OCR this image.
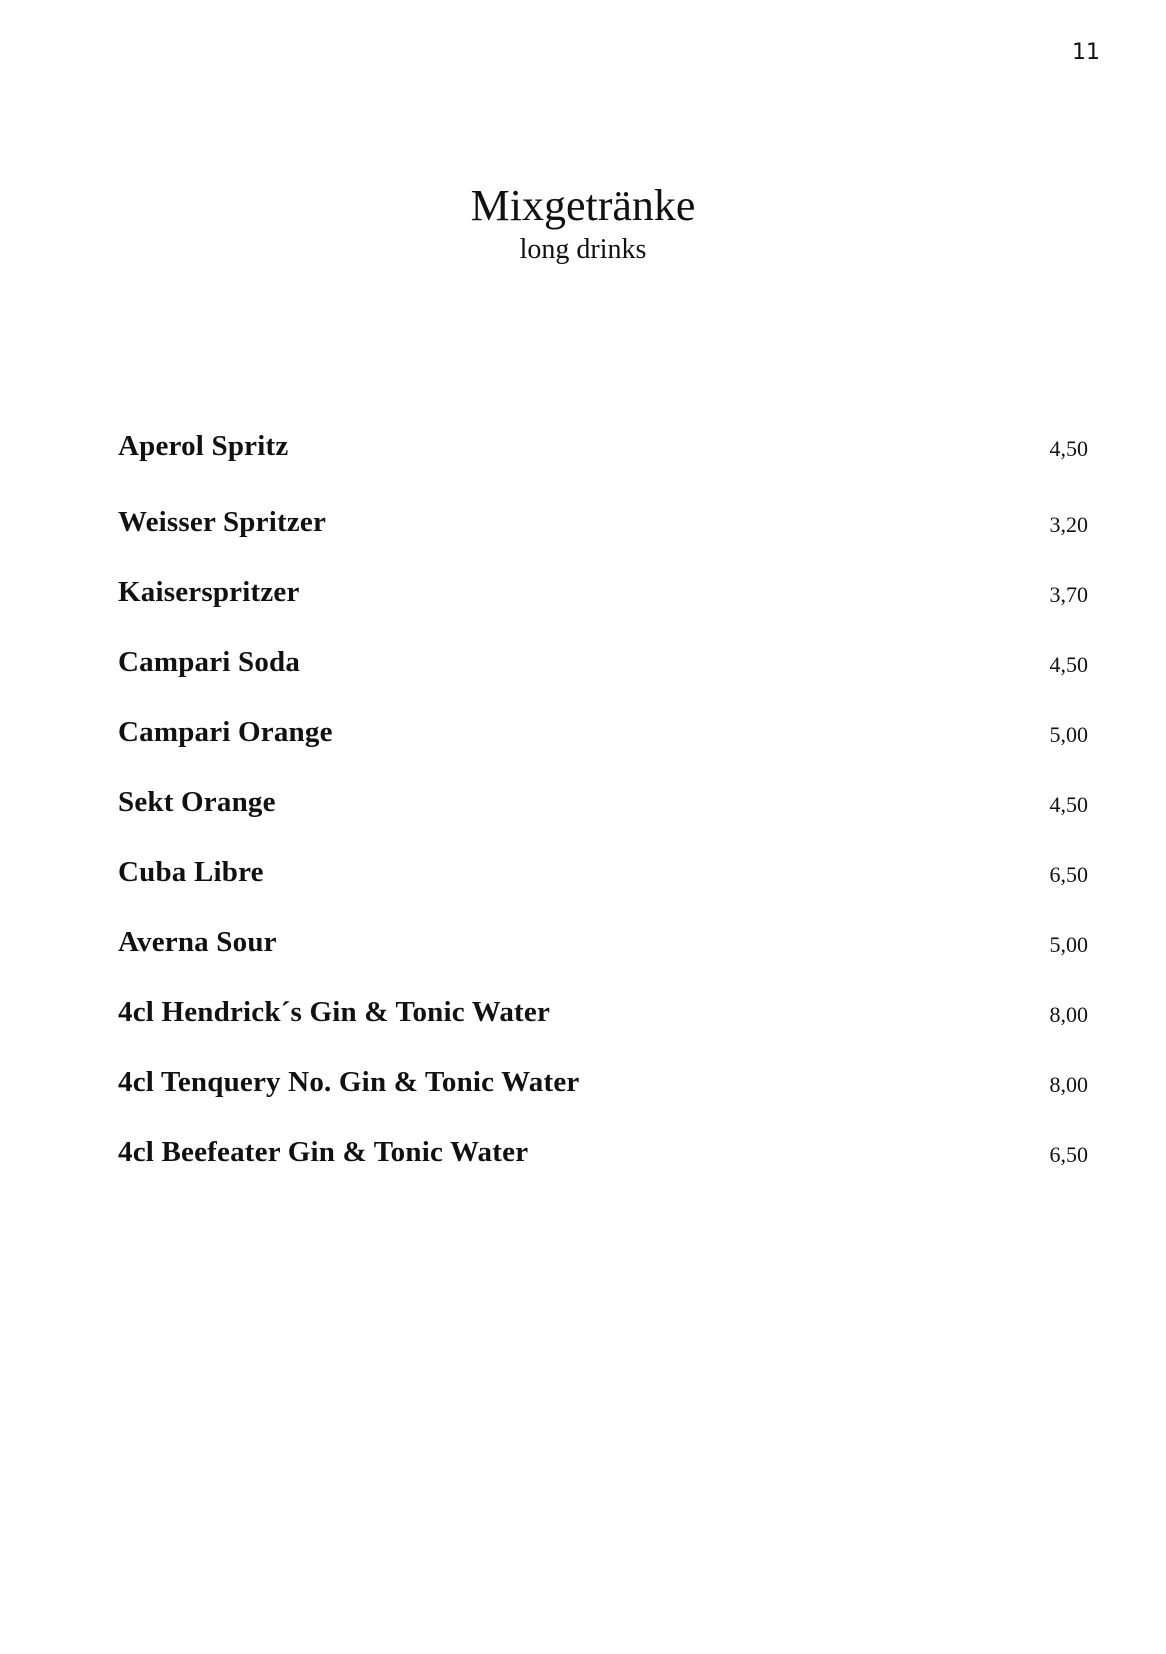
11
Mixgetränke
long drinks
Aperol Spritz	4,50
Weisser Spritzer	3,20
Kaiserspritzer	3,70
Campari Soda	4,50
Campari Orange	5,00
Sekt Orange	4,50
Cuba Libre	6,50
Averna Sour	5,00
4cl Hendrick´s Gin & Tonic Water	8,00
4cl Tenquery No. Gin & Tonic Water	8,00
4cl Beefeater Gin & Tonic Water	6,50
